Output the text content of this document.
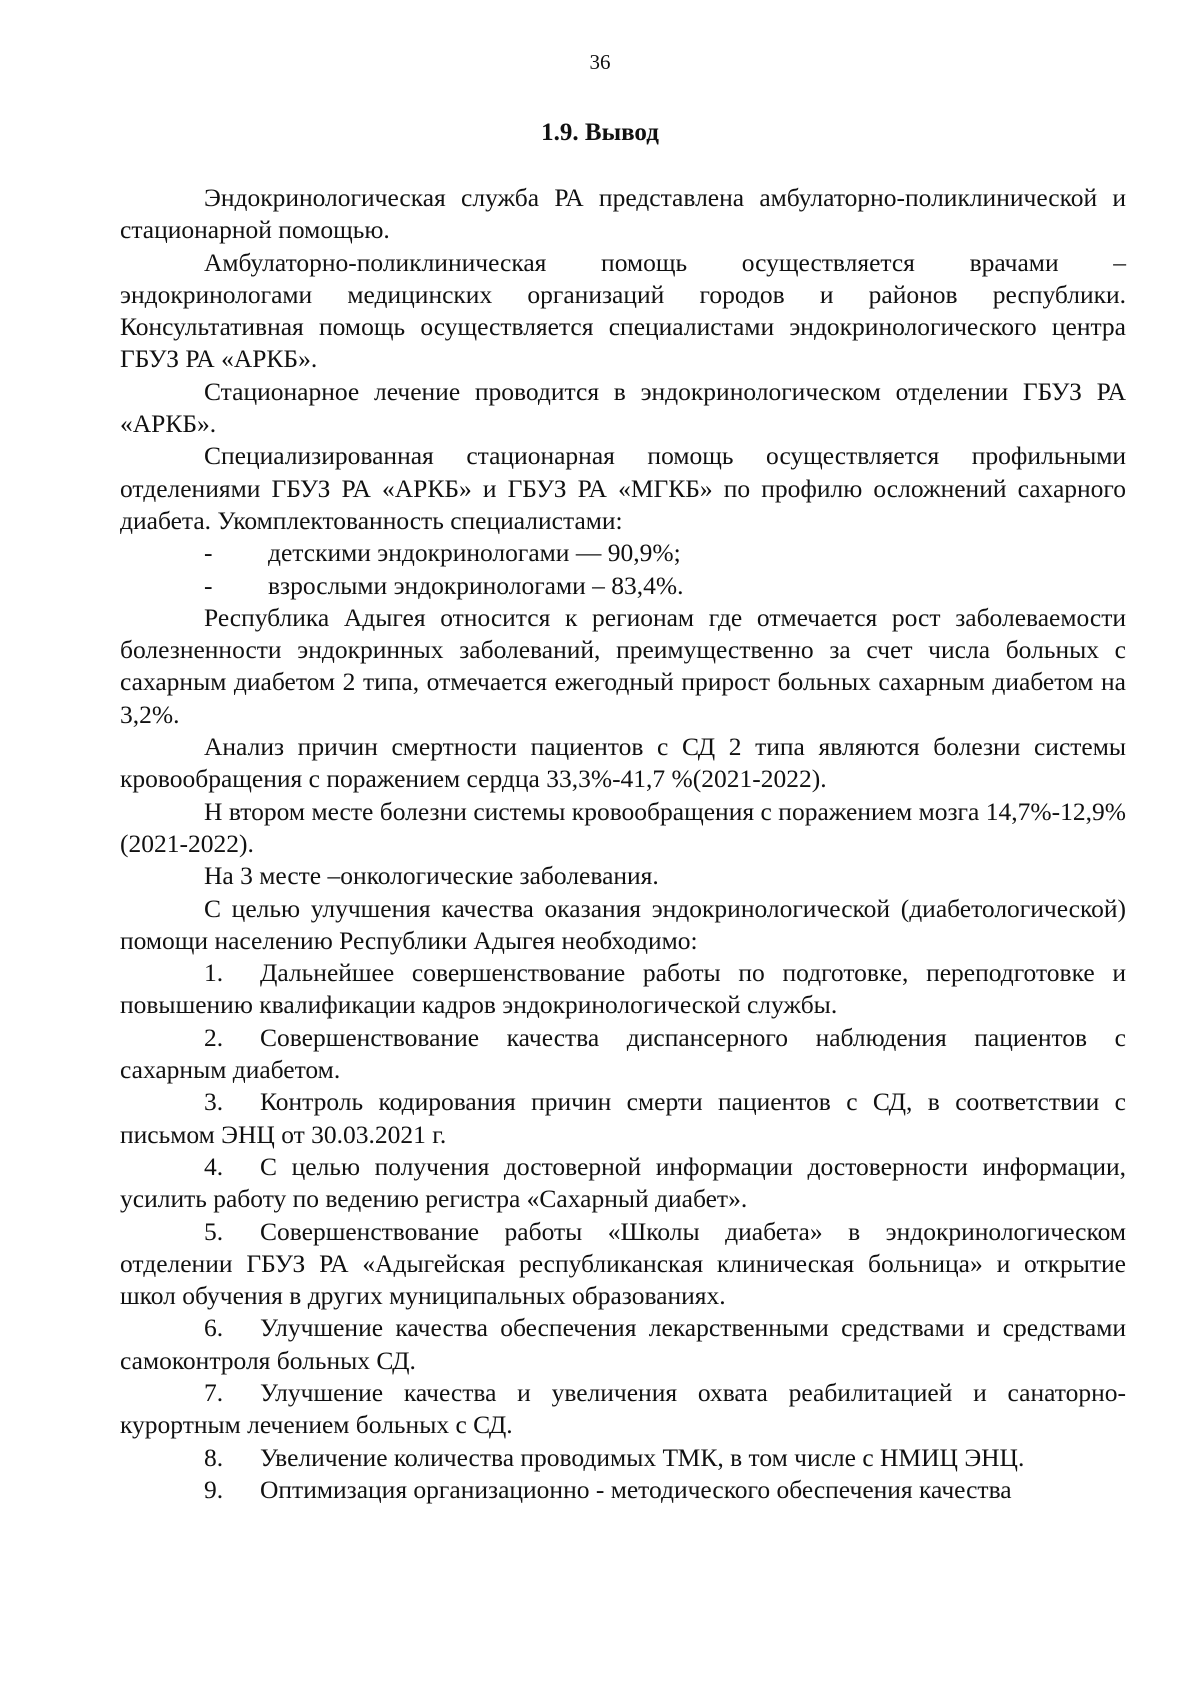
36
1.9. Вывод

Эндокринологическая служба РА представлена амбулаторно-поликлинической и стационарной помощью.

Амбулаторно-поликлиническая помощь осуществляется врачами – эндокринологами медицинских организаций городов и районов республики. Консультативная помощь осуществляется специалистами эндокринологического центра ГБУЗ РА «АРКБ».

Стационарное лечение проводится в эндокринологическом отделении ГБУЗ РА «АРКБ».

Специализированная стационарная помощь осуществляется профильными отделениями ГБУЗ РА «АРКБ» и ГБУЗ РА «МГКБ» по профилю осложнений сахарного диабета. Укомплектованность специалистами:

- детскими эндокринологами — 90,9%;

- взрослыми эндокринологами – 83,4%.

Республика Адыгея относится к регионам где отмечается рост заболеваемости болезненности эндокринных заболеваний, преимущественно за счет числа больных с сахарным диабетом 2 типа, отмечается ежегодный прирост больных сахарным диабетом на 3,2%.

Анализ причин смертности пациентов с СД 2 типа являются болезни системы кровообращения с поражением сердца 33,3%-41,7 %(2021-2022).

Н втором месте болезни системы кровообращения с поражением мозга 14,7%-12,9% (2021-2022).

На 3 месте –онкологические заболевания.

С целью улучшения качества оказания эндокринологической (диабетологической) помощи населению Республики Адыгея необходимо:

1. Дальнейшее совершенствование работы по подготовке, переподготовке и повышению квалификации кадров эндокринологической службы.

2. Совершенствование качества диспансерного наблюдения пациентов с сахарным диабетом.

3. Контроль кодирования причин смерти пациентов с СД, в соответствии с письмом ЭНЦ от 30.03.2021 г.

4. С целью получения достоверной информации достоверности информации, усилить работу по ведению регистра «Сахарный диабет».

5. Совершенствование работы «Школы диабета» в эндокринологическом отделении ГБУЗ РА «Адыгейская республиканская клиническая больница» и открытие школ обучения в других муниципальных образованиях.

6. Улучшение качества обеспечения лекарственными средствами и средствами самоконтроля больных СД.

7. Улучшение качества и увеличения охвата реабилитацией и санаторно-курортным лечением больных с СД.

8. Увеличение количества проводимых ТМК, в том числе с НМИЦ ЭНЦ.

9. Оптимизация организационно - методического обеспечения качества
